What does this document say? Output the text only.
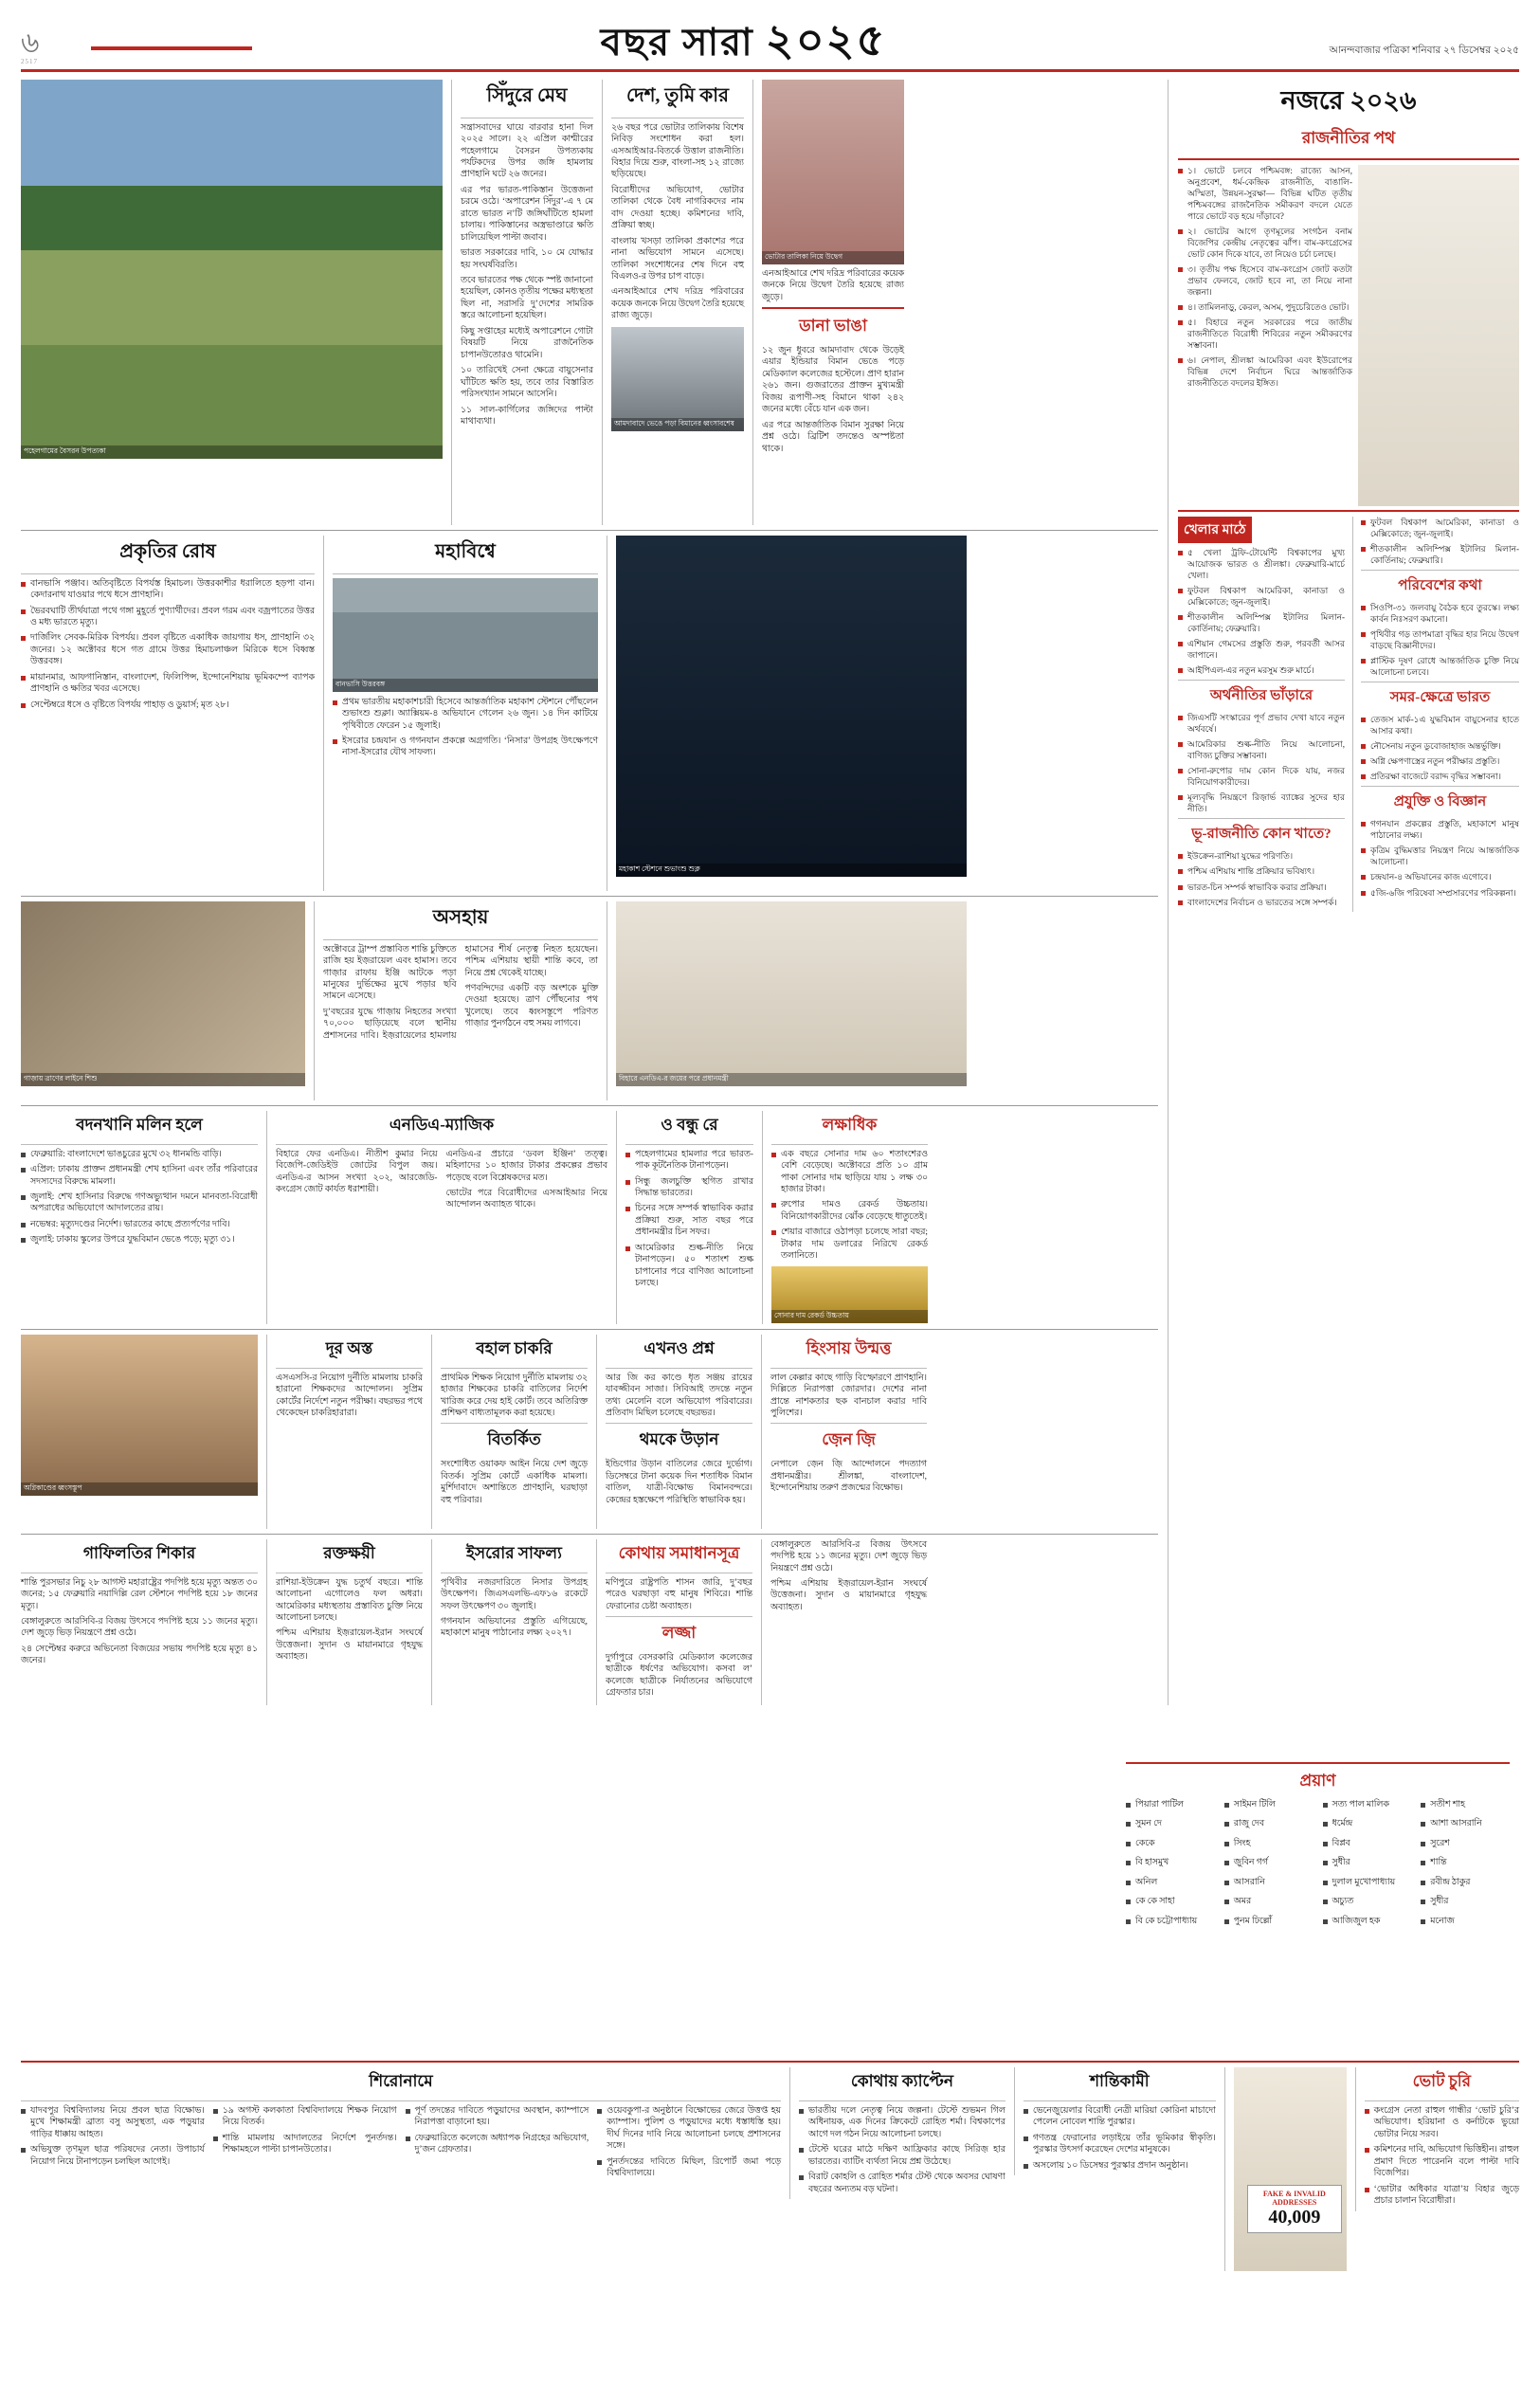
৬
2517	বছর সারা ২০২৫	আনন্দবাজার পত্রিকা শনিবার ২৭ ডিসেম্বর ২০২৫
পহেলগামের বৈসরন উপত্যকা
সিঁদুরে মেঘ

সন্ত্রাসবাদের ঘায়ে বারবার হানা দিল ২০২৫ সালে। ২২ এপ্রিল কাশ্মীরের পহেলগামে বৈসরন উপত্যকায় পর্যটকদের উপর জঙ্গি হামলায় প্রাণহানি ঘটে ২৬ জনের।

এর পর ভারত-পাকিস্তান উত্তেজনা চরমে ওঠে। ‘অপারেশন সিঁদুর’-এ ৭ মে রাতে ভারত ন’টি জঙ্গিঘাঁটিতে হামলা চালায়। পাকিস্তানের অস্ত্রভাণ্ডারে ক্ষতি চালিয়েছিল পাল্টা জবাব।

ভারত সরকারের দাবি, ১০ মে যোদ্ধার হয় সংঘর্ষবিরতি।

তবে ভারতের পক্ষ থেকে স্পষ্ট জানানো হয়েছিল, কোনও তৃতীয় পক্ষের মধ্যস্থতা ছিল না, সরাসরি দু’দেশের সামরিক স্তরে আলোচনা হয়েছিল।

কিছু সপ্তাহের মধ্যেই অপারেশনে গোটা বিষয়টি নিয়ে রাজনৈতিক চাপানউতোরও থামেনি।

১০ তারিখেই সেনা ক্ষেত্রে বায়ুসেনার ঘাঁটিতে ক্ষতি হয়, তবে তার বিস্তারিত পরিসংখ্যান সামনে আসেনি।

১১ সাল-কার্গিলের জঙ্গিদের পাল্টা মাথাব্যথা।

দেশ, তুমি কার

২৬ বছর পরে ভোটার তালিকায় বিশেষ নিবিড় সংশোধন করা হল। এসআইআর-বিতর্কে উত্তাল রাজনীতি। বিহার দিয়ে শুরু, বাংলা-সহ ১২ রাজ্যে ছড়িয়েছে।

বিরোধীদের অভিযোগ, ভোটার তালিকা থেকে বৈধ নাগরিকদের নাম বাদ দেওয়া হচ্ছে। কমিশনের দাবি, প্রক্রিয়া স্বচ্ছ।

বাংলায় খসড়া তালিকা প্রকাশের পরে নানা অভিযোগ সামনে এসেছে। তালিকা সংশোধনের শেষ দিনে বহু বিএলও-র উপর চাপ বাড়ে।

এনআইআরে শেখ দরিদ্র পরিবারের কয়েক জনকে নিয়ে উদ্বেগ তৈরি হয়েছে রাজ্য জুড়ে।

আমদাবাদে ভেঙে পড়া বিমানের ধ্বংসাবশেষ
ভোটার তালিকা নিয়ে উদ্বেগ

এনআইআরে শেখ দরিদ্র পরিবারের কয়েক জনকে নিয়ে উদ্বেগ তৈরি হয়েছে রাজ্য জুড়ে।

ডানা ভাঙা

১২ জুন ধুবরে আমদাবাদ থেকে উড়েই এয়ার ইন্ডিয়ার বিমান ভেঙে পড়ে মেডিক্যাল কলেজের হস্টেলে। প্রাণ হারান ২৬১ জন। গুজরাতের প্রাক্তন মুখ্যমন্ত্রী বিজয় রূপাণী-সহ বিমানে থাকা ২৪২ জনের মধ্যে বেঁচে যান এক জন।

এর পরে আন্তর্জাতিক বিমান সুরক্ষা নিয়ে প্রশ্ন ওঠে। ব্রিটিশ তদন্তেও অস্পষ্টতা থাকে।

প্রকৃতির রোষ
বানভাসি পঞ্জাব। অতিবৃষ্টিতে বিপর্যস্ত হিমাচল। উত্তরকাশীর ধরালিতে হড়পা বান। কেদারনাথ যাওয়ার পথে ধসে প্রাণহানি।
ভৈরবঘাটি তীর্থযাত্রা পথে গঙ্গা মুহূর্তে পুণ্যার্থীদের। প্রবল গরম এবং বজ্রপাতের উত্তর ও মধ্য ভারতে মৃত্যু।
দার্জিলিং সেবক-মিরিক বিপর্যয়। প্রবল বৃষ্টিতে একাধিক জায়গায় ধস, প্রাণহানি ৩২ জনের। ১২ অক্টোবর ধসে গত গ্রামে উত্তর হিমাচলাঞ্চল মিরিকে ধসে বিধ্বস্ত উত্তরবঙ্গ।
মায়ানমার, আফগানিস্তান, বাংলাদেশ, ফিলিপিন্স, ইন্দোনেশিয়ায় ভূমিকম্পে ব্যাপক প্রাণহানি ও ক্ষতির খবর এসেছে।
সেপ্টেম্বরে ধসে ও বৃষ্টিতে বিপর্যয় পাহাড় ও ডুয়ার্স; মৃত ২৮।
মহাবিশ্বে
বানভাসি উত্তরবঙ্গ
প্রথম ভারতীয় মহাকাশচারী হিসেবে আন্তর্জাতিক মহাকাশ স্টেশনে পৌঁছলেন শুভাংশু শুক্লা। অ্যাক্সিয়ম-৪ অভিযানে গেলেন ২৬ জুন। ১৪ দিন কাটিয়ে পৃথিবীতে ফেরেন ১৫ জুলাই।
ইসরোর চন্দ্রযান ও গগনযান প্রকল্পে অগ্রগতি। ‘নিসার’ উপগ্রহ উৎক্ষেপণে নাসা-ইসরোর যৌথ সাফল্য।
মহাকাশ স্টেশনে শুভাংশু শুক্ল
গাজ়ায় ত্রাণের লাইনে শিশু
অসহায়

অক্টোবরে ট্রাম্প প্রস্তাবিত শান্তি চুক্তিতে রাজি হয় ইজ়রায়েল এবং হামাস। তবে গাজ়ার রাফায় ইঞ্জি আটকে পড়া মানুষের দুর্ভিক্ষের মুখে পড়ার ছবি সামনে এসেছে।

দু’বছরের যুদ্ধে গাজ়ায় নিহতের সংখ্যা ৭০,০০০ ছাড়িয়েছে বলে স্থানীয় প্রশাসনের দাবি। ইজ়রায়েলের হামলায় হামাসের শীর্ষ নেতৃত্ব নিহত হয়েছেন। পশ্চিম এশিয়ায় স্থায়ী শান্তি কবে, তা নিয়ে প্রশ্ন থেকেই যাচ্ছে।

পণবন্দিদের একটি বড় অংশকে মুক্তি দেওয়া হয়েছে। ত্রাণ পৌঁছনোর পথ খুলেছে। তবে ধ্বংসস্তূপে পরিণত গাজ়ার পুনর্গঠনে বহু সময় লাগবে।

বিহারে এনডিএ-র জয়ের পরে প্রধানমন্ত্রী
বদনখানি মলিন হলে
ফেব্রুয়ারি: বাংলাদেশে ভাঙচুরের মুখে ৩২ ধানমন্ডি বাড়ি।
এপ্রিল: ঢাকায় প্রাক্তন প্রধানমন্ত্রী শেখ হাসিনা এবং তাঁর পরিবারের সদস্যদের বিরুদ্ধে মামলা।
জুলাই: শেখ হাসিনার বিরুদ্ধে গণঅভ্যুত্থান দমনে মানবতা-বিরোধী অপরাধের অভিযোগে আদালতের রায়।
নভেম্বর: মৃত্যুদণ্ডের নির্দেশ। ভারতের কাছে প্রত্যর্পণের দাবি।
জুলাই: ঢাকায় স্কুলের উপরে যুদ্ধবিমান ভেঙে পড়ে; মৃত্যু ৩১।
এনডিএ-ম্যাজিক

বিহারে ফের এনডিএ। নীতীশ কুমার নিয়ে বিজেপি-জেডিইউ জোটের বিপুল জয়। এনডিএ-র আসন সংখ্যা ২০২, আরজেডি-কংগ্রেস জোট কার্যত ধরাশায়ী।

এনডিএ-র প্রচারে ‘ডবল ইঞ্জিন’ তত্ত্ব। মহিলাদের ১০ হাজার টাকার প্রকল্পের প্রভাব পড়েছে বলে বিশ্লেষকদের মত।

ভোটের পরে বিরোধীদের এসআইআর নিয়ে আন্দোলন অব্যাহত থাকে।

ও বন্ধু রে
পহেলগামের হামলার পরে ভারত-পাক কূটনৈতিক টানাপড়েন।
সিন্ধু জলচুক্তি স্থগিত রাখার সিদ্ধান্ত ভারতের।
চিনের সঙ্গে সম্পর্ক স্বাভাবিক করার প্রক্রিয়া শুরু, সাত বছর পরে প্রধানমন্ত্রীর চিন সফর।
আমেরিকার শুল্ক-নীতি নিয়ে টানাপড়েন। ৫০ শতাংশ শুল্ক চাপানোর পরে বাণিজ্য আলোচনা চলছে।
লক্ষাধিক
এক বছরে সোনার দাম ৬০ শতাংশেরও বেশি বেড়েছে। অক্টোবরে প্রতি ১০ গ্রাম পাকা সোনার দাম ছাড়িয়ে যায় ১ লক্ষ ৩০ হাজার টাকা।
রুপোর দামও রেকর্ড উচ্চতায়। বিনিয়োগকারীদের ঝোঁক বেড়েছে ধাতুতেই।
শেয়ার বাজারে ওঠাপড়া চলেছে সারা বছর; টাকার দাম ডলারের নিরিখে রেকর্ড তলানিতে।
সোনার দাম রেকর্ড উচ্চতায়
অগ্নিকাণ্ডের ধ্বংসস্তূপ
দূর অস্ত

এসএসসি-র নিয়োগ দুর্নীতি মামলায় চাকরি হারানো শিক্ষকদের আন্দোলন। সুপ্রিম কোর্টের নির্দেশে নতুন পরীক্ষা। বছরভর পথে থেকেছেন চাকরিহারারা।

বহাল চাকরি

প্রাথমিক শিক্ষক নিয়োগ দুর্নীতি মামলায় ৩২ হাজার শিক্ষকের চাকরি বাতিলের নির্দেশ খারিজ করে দেয় হাই কোর্ট। তবে অতিরিক্ত প্রশিক্ষণ বাধ্যতামূলক করা হয়েছে।

বিতর্কিত

সংশোধিত ওয়াকফ আইন নিয়ে দেশ জুড়ে বিতর্ক। সুপ্রিম কোর্টে একাধিক মামলা। মুর্শিদাবাদে অশান্তিতে প্রাণহানি, ঘরছাড়া বহু পরিবার।

এখনও প্রশ্ন

আর জি কর কাণ্ডে ধৃত সঞ্জয় রায়ের যাবজ্জীবন সাজা। সিবিআই তদন্তে নতুন তথ্য মেলেনি বলে অভিযোগ পরিবারের। প্রতিবাদ মিছিল চলেছে বছরভর।

থমকে উড়ান

ইন্ডিগোর উড়ান বাতিলের জেরে দুর্ভোগ। ডিসেম্বরে টানা কয়েক দিন শতাধিক বিমান বাতিল, যাত্রী-বিক্ষোভ বিমানবন্দরে। কেন্দ্রের হস্তক্ষেপে পরিস্থিতি স্বাভাবিক হয়।

হিংসায় উন্মত্ত

লাল কেল্লার কাছে গাড়ি বিস্ফোরণে প্রাণহানি। দিল্লিতে নিরাপত্তা জোরদার। দেশের নানা প্রান্তে নাশকতার ছক বানচাল করার দাবি পুলিশের।

জ়েন জ়ি

নেপালে জ়েন জ়ি আন্দোলনে পদত্যাগ প্রধানমন্ত্রীর। শ্রীলঙ্কা, বাংলাদেশ, ইন্দোনেশিয়ায় তরুণ প্রজন্মের বিক্ষোভ।

গাফিলতির শিকার

শান্তি পুরসভার নিচু ২৮ আগস্ট মহারাষ্ট্রের পদপিষ্ট হয়ে মৃত্যু অন্তত ৩০ জনের; ১৫ ফেব্রুয়ারি নয়াদিল্লি রেল স্টেশনে পদপিষ্ট হয়ে ১৮ জনের মৃত্যু।

বেঙ্গালুরুতে আরসিবি-র বিজয় উৎসবে পদপিষ্ট হয়ে ১১ জনের মৃত্যু। দেশ জুড়ে ভিড় নিয়ন্ত্রণে প্রশ্ন ওঠে।

২৪ সেপ্টেম্বর করুরে অভিনেতা বিজয়ের সভায় পদপিষ্ট হয়ে মৃত্যু ৪১ জনের।

রক্তক্ষয়ী

রাশিয়া-ইউক্রেন যুদ্ধ চতুর্থ বছরে। শান্তি আলোচনা এগোলেও ফল অধরা। আমেরিকার মধ্যস্থতায় প্রস্তাবিত চুক্তি নিয়ে আলোচনা চলছে।

পশ্চিম এশিয়ায় ইজ়রায়েল-ইরান সংঘর্ষে উত্তেজনা। সুদান ও মায়ানমারে গৃহযুদ্ধ অব্যাহত।

ইসরোর সাফল্য

পৃথিবীর নজরদারিতে নিসার উপগ্রহ উৎক্ষেপণ। জিএসএলভি-এফ১৬ রকেটে সফল উৎক্ষেপণ ৩০ জুলাই।

গগনযান অভিযানের প্রস্তুতি এগিয়েছে, মহাকাশে মানুষ পাঠানোর লক্ষ্য ২০২৭।

কোথায় সমাধানসূত্র

মণিপুরে রাষ্ট্রপতি শাসন জারি, দু’বছর পরেও ঘরছাড়া বহু মানুষ শিবিরে। শান্তি ফেরানোর চেষ্টা অব্যাহত।

লজ্জা

দুর্গাপুরে বেসরকারি মেডিক্যাল কলেজের ছাত্রীকে ধর্ষণের অভিযোগ। কসবা ল’ কলেজে ছাত্রীকে নির্যাতনের অভিযোগে গ্রেফতার চার।

বেঙ্গালুরুতে আরসিবি-র বিজয় উৎসবে পদপিষ্ট হয়ে ১১ জনের মৃত্যু। দেশ জুড়ে ভিড় নিয়ন্ত্রণে প্রশ্ন ওঠে।

পশ্চিম এশিয়ায় ইজ়রায়েল-ইরান সংঘর্ষে উত্তেজনা। সুদান ও মায়ানমারে গৃহযুদ্ধ অব্যাহত।

নজরে ২০২৬
রাজনীতির পথ
১। ভোটে চলবে পশ্চিমবঙ্গ: রাজ্যে আসন, অনুপ্রবেশ, ধর্ম-কেন্দ্রিক রাজনীতি, বাঙালি-অস্মিতা, উন্নয়ন-সুরক্ষা— বিভিন্ন ঘটিত তৃতীয় পশ্চিমবঙ্গের রাজনৈতিক সমীকরণ বদলে যেতে পারে ভোটে বড় হয়ে দাঁড়াবে?
২। ভোটের আগে তৃণমূলের সংগঠন বনাম বিজেপির কেন্দ্রীয় নেতৃত্বের ঝাঁপ। বাম-কংগ্রেসের ভোট কোন দিকে যাবে, তা নিয়েও চর্চা চলছে।
৩। তৃতীয় পক্ষ হিসেবে বাম-কংগ্রেস জোট কতটা প্রভাব ফেলবে, জোট হবে না, তা নিয়ে নানা জল্পনা।
৪। তামিলনাড়ু, কেরল, অসম, পুদুচেরিতেও ভোট।
৫। বিহারে নতুন সরকারের পরে জাতীয় রাজনীতিতে বিরোধী শিবিরের নতুন সমীকরণের সম্ভাবনা।
৬। নেপাল, শ্রীলঙ্কা আমেরিকা এবং ইউরোপের বিভিন্ন দেশে নির্বাচন ঘিরে আন্তর্জাতিক রাজনীতিতে বদলের ইঙ্গিত।
খেলার মাঠে
৫ খেলা ট্রফি-টোয়েন্টি বিশ্বকাপের মুখ্য আয়োজক ভারত ও শ্রীলঙ্কা। ফেব্রুয়ারি-মার্চে খেলা।
ফুটবল বিশ্বকাপ আমেরিকা, কানাডা ও মেক্সিকোতে; জুন-জুলাই।
শীতকালীন অলিম্পিক্স ইটালির মিলান-কোর্তিনায়; ফেব্রুয়ারি।
এশিয়ান গেমসের প্রস্তুতি শুরু, পরবর্তী আসর জাপানে।
আইপিএল-এর নতুন মরসুম শুরু মার্চে।
অর্থনীতির ভাঁড়ারে
জিএসটি সংস্কারের পূর্ণ প্রভাব দেখা যাবে নতুন অর্থবর্ষে।
আমেরিকার শুল্ক-নীতি নিয়ে আলোচনা, বাণিজ্য চুক্তির সম্ভাবনা।
সোনা-রুপোর দাম কোন দিকে যায়, নজর বিনিয়োগকারীদের।
মূল্যবৃদ্ধি নিয়ন্ত্রণে রিজ়ার্ভ ব্যাঙ্কের সুদের হার নীতি।
ভূ-রাজনীতি কোন খাতে?
ইউক্রেন-রাশিয়া যুদ্ধের পরিণতি।
পশ্চিম এশিয়ায় শান্তি প্রক্রিয়ার ভবিষ্যৎ।
ভারত-চিন সম্পর্ক স্বাভাবিক করার প্রক্রিয়া।
বাংলাদেশের নির্বাচন ও ভারতের সঙ্গে সম্পর্ক।
ফুটবল বিশ্বকাপ আমেরিকা, কানাডা ও মেক্সিকোতে; জুন-জুলাই।
শীতকালীন অলিম্পিক্স ইটালির মিলান-কোর্তিনায়; ফেব্রুয়ারি।
পরিবেশের কথা
সিওপি-৩১ জলবায়ু বৈঠক হবে তুরস্কে। লক্ষ্য কার্বন নিঃসরণ কমানো।
পৃথিবীর গড় তাপমাত্রা বৃদ্ধির হার নিয়ে উদ্বেগ বাড়ছে বিজ্ঞানীদের।
প্লাস্টিক দূষণ রোধে আন্তর্জাতিক চুক্তি নিয়ে আলোচনা চলবে।
সমর-ক্ষেত্রে ভারত
তেজস মার্ক-১এ যুদ্ধবিমান বায়ুসেনার হাতে আসার কথা।
নৌসেনায় নতুন ডুবোজাহাজ অন্তর্ভুক্তি।
অগ্নি ক্ষেপণাস্ত্রের নতুন পরীক্ষার প্রস্তুতি।
প্রতিরক্ষা বাজেটে বরাদ্দ বৃদ্ধির সম্ভাবনা।
প্রযুক্তি ও বিজ্ঞান
গগনযান প্রকল্পের প্রস্তুতি, মহাকাশে মানুষ পাঠানোর লক্ষ্য।
কৃত্রিম বুদ্ধিমত্তার নিয়ন্ত্রণ নিয়ে আন্তর্জাতিক আলোচনা।
চন্দ্রযান-৪ অভিযানের কাজ এগোবে।
৫জি-৬জি পরিষেবা সম্প্রসারণের পরিকল্পনা।
প্রয়াণ
পিয়ারা পাটিল	সাইমন টিলি	সত্য পাল মালিক	সতীশ শাহ
সুমন দে	রাজু দেব	ধর্মেন্দ্র	আশা আসরানি
কেকে	সিংহ	বিপ্লব	সুরেশ
বি হাসমুখ	জ়ুবিন গর্গ	সুধীর	শান্তি
অনিল	আসরানি	দুলাল মুখোপাধ্যায়	রবীন্দ্র ঠাকুর
কে কে সাহা	অমর	অচ্যুত	সুধীর
বি কে চট্টোপাধ্যায়	পুনম ঢিল্লোঁ	আজিজুল হক	মনোজ
শিরোনামে
যাদবপুর বিশ্ববিদ্যালয় নিয়ে প্রবল ছাত্র বিক্ষোভ। মুখে শিক্ষামন্ত্রী ব্রাত্য বসু অসুস্থতা, এক পড়ুয়ার গাড়ির ধাক্কায় আহত।
অভিযুক্ত তৃণমূল ছাত্র পরিষদের নেতা। উপাচার্য নিয়োগ নিয়ে টানাপড়েন চলছিল আগেই।
১৯ অগস্ট কলকাতা বিশ্ববিদ্যালয়ে শিক্ষক নিয়োগ নিয়ে বিতর্ক।
শান্তি মামলায় আদালতের নির্দেশে পুনর্তদন্ত। শিক্ষামহলে পাল্টা চাপানউতোর।
পূর্ণ তদন্তের দাবিতে পড়ুয়াদের অবস্থান, ক্যাম্পাসে নিরাপত্তা বাড়ানো হয়।
ফেব্রুয়ারিতে কলেজে অধ্যাপক নিগ্রহের অভিযোগ, দু’জন গ্রেফতার।
ওয়েবকুপা-র অনুষ্ঠানে বিক্ষোভের জেরে উত্তপ্ত হয় ক্যাম্পাস। পুলিশ ও পড়ুয়াদের মধ্যে ধস্তাধস্তি হয়। দীর্ঘ দিনের দাবি নিয়ে আলোচনা চলছে প্রশাসনের সঙ্গে।
পুনর্তদন্তের দাবিতে মিছিল, রিপোর্ট জমা পড়ে বিশ্ববিদ্যালয়ে।
কোথায় ক্যাপ্টেন
ভারতীয় দলে নেতৃত্ব নিয়ে জল্পনা। টেস্টে শুভমন গিল অধিনায়ক, এক দিনের ক্রিকেটে রোহিত শর্মা। বিশ্বকাপের আগে দল গঠন নিয়ে আলোচনা চলছে।
টেস্টে ঘরের মাঠে দক্ষিণ আফ্রিকার কাছে সিরিজ় হার ভারতের। ব্যাটিং ব্যর্থতা নিয়ে প্রশ্ন উঠেছে।
বিরাট কোহলি ও রোহিত শর্মার টেস্ট থেকে অবসর ঘোষণা বছরের অন্যতম বড় ঘটনা।
শান্তিকামী
ভেনেজ়ুয়েলার বিরোধী নেত্রী মারিয়া কোরিনা মাচাদো পেলেন নোবেল শান্তি পুরস্কার।
গণতন্ত্র ফেরানোর লড়াইয়ে তাঁর ভূমিকার স্বীকৃতি। পুরস্কার উৎসর্গ করেছেন দেশের মানুষকে।
অসলোয় ১০ ডিসেম্বর পুরস্কার প্রদান অনুষ্ঠান।
FAKE & INVALID ADDRESSES
40,009
ভোট চুরি
কংগ্রেস নেতা রাহুল গান্ধীর ‘ভোট চুরি’র অভিযোগ। হরিয়ানা ও কর্নাটকে ভুয়ো ভোটার নিয়ে সরব।
কমিশনের দাবি, অভিযোগ ভিত্তিহীন। রাহুল প্রমাণ দিতে পারেননি বলে পাল্টা দাবি বিজেপির।
‘ভোটার অধিকার যাত্রা’য় বিহার জুড়ে প্রচার চালান বিরোধীরা।
